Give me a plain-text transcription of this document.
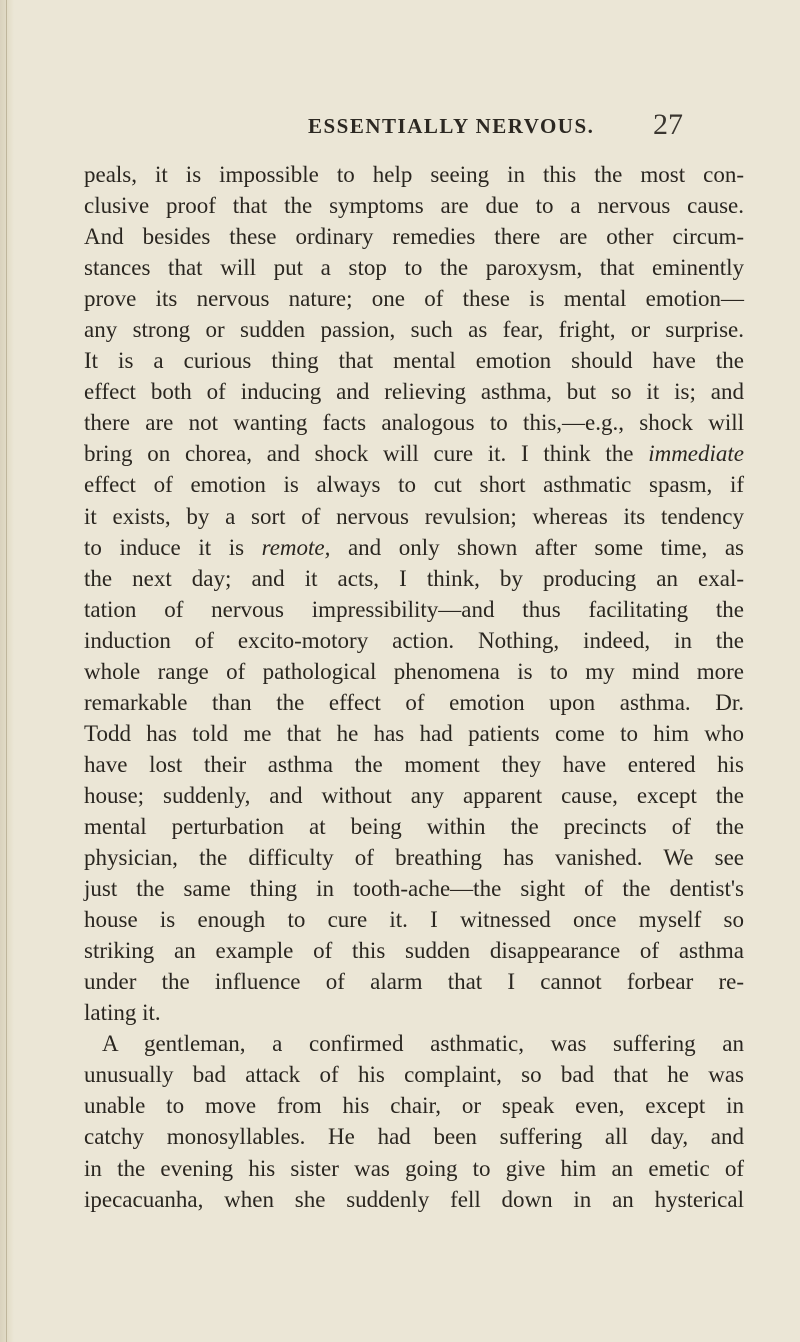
ESSENTIALLY NERVOUS. 27
peals, it is impossible to help seeing in this the most con-
clusive proof that the symptoms are due to a nervous cause.
And besides these ordinary remedies there are other circum-
stances that will put a stop to the paroxysm, that eminently
prove its nervous nature; one of these is mental emotion—
any strong or sudden passion, such as fear, fright, or surprise.
It is a curious thing that mental emotion should have the
effect both of inducing and relieving asthma, but so it is; and
there are not wanting facts analogous to this,—e.g., shock will
bring on chorea, and shock will cure it. I think the immediate
effect of emotion is always to cut short asthmatic spasm, if
it exists, by a sort of nervous revulsion; whereas its tendency
to induce it is remote, and only shown after some time, as
the next day; and it acts, I think, by producing an exal-
tation of nervous impressibility—and thus facilitating the
induction of excito-motory action. Nothing, indeed, in the
whole range of pathological phenomena is to my mind more
remarkable than the effect of emotion upon asthma. Dr.
Todd has told me that he has had patients come to him who
have lost their asthma the moment they have entered his
house; suddenly, and without any apparent cause, except the
mental perturbation at being within the precincts of the
physician, the difficulty of breathing has vanished. We see
just the same thing in tooth-ache—the sight of the dentist's
house is enough to cure it. I witnessed once myself so
striking an example of this sudden disappearance of asthma
under the influence of alarm that I cannot forbear re-
lating it.
A gentleman, a confirmed asthmatic, was suffering an
unusually bad attack of his complaint, so bad that he was
unable to move from his chair, or speak even, except in
catchy monosyllables. He had been suffering all day, and
in the evening his sister was going to give him an emetic of
ipecacuanha, when she suddenly fell down in an hysterical
